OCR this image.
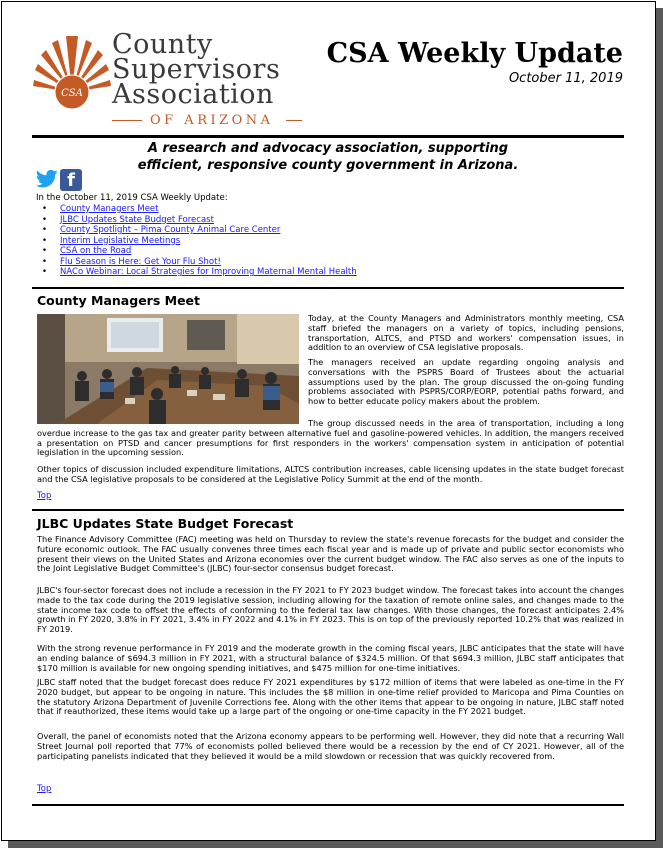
CSA
County
Supervisors
Association
OF ARIZONA
CSA Weekly Update
October 11, 2019
A research and advocacy association, supporting
efficient, responsive county government in Arizona.
f
In the October 11, 2019 CSA Weekly Update:
• County Managers Meet
• JLBC Updates State Budget Forecast
• County Spotlight – Pima County Animal Care Center
• Interim Legislative Meetings
• CSA on the Road
• Flu Season is Here: Get Your Flu Shot!
• NACo Webinar: Local Strategies for Improving Maternal Mental Health
County Managers Meet
Today, at the County Managers and Administrators monthly meeting, CSA staff briefed the managers on a variety of topics, including pensions, transportation, ALTCS, and PTSD and workers' compensation issues, in addition to an overview of CSA legislative proposals.
The managers received an update regarding ongoing analysis and conversations with the PSPRS Board of Trustees about the actuarial assumptions used by the plan. The group discussed the on-going funding problems associated with PSPRS/CORP/EORP, potential paths forward, and how to better educate policy makers about the problem.
The group discussed needs in the area of transportation, including a long overdue increase to the gas tax and greater parity between alternative fuel and gasoline-powered vehicles. In addition, the mangers received a presentation on PTSD and cancer presumptions for first responders in the workers' compensation system in anticipation of potential legislation in the upcoming session.
Other topics of discussion included expenditure limitations, ALTCS contribution increases, cable licensing updates in the state budget forecast and the CSA legislative proposals to be considered at the Legislative Policy Summit at the end of the month.
Top
JLBC Updates State Budget Forecast
The Finance Advisory Committee (FAC) meeting was held on Thursday to review the state's revenue forecasts for the budget and consider the future economic outlook. The FAC usually convenes three times each fiscal year and is made up of private and public sector economists who present their views on the United States and Arizona economies over the current budget window. The FAC also serves as one of the inputs to the Joint Legislative Budget Committee's (JLBC) four-sector consensus budget forecast.
JLBC's four-sector forecast does not include a recession in the FY 2021 to FY 2023 budget window. The forecast takes into account the changes made to the tax code during the 2019 legislative session, including allowing for the taxation of remote online sales, and changes made to the state income tax code to offset the effects of conforming to the federal tax law changes. With those changes, the forecast anticipates 2.4% growth in FY 2020, 3.8% in FY 2021, 3.4% in FY 2022 and 4.1% in FY 2023. This is on top of the previously reported 10.2% that was realized in FY 2019.
With the strong revenue performance in FY 2019 and the moderate growth in the coming fiscal years, JLBC anticipates that the state will have an ending balance of $694.3 million in FY 2021, with a structural balance of $324.5 million. Of that $694.3 million, JLBC staff anticipates that $170 million is available for new ongoing spending initiatives, and $475 million for one-time initiatives.
JLBC staff noted that the budget forecast does reduce FY 2021 expenditures by $172 million of items that were labeled as one-time in the FY 2020 budget, but appear to be ongoing in nature. This includes the $8 million in one-time relief provided to Maricopa and Pima Counties on the statutory Arizona Department of Juvenile Corrections fee. Along with the other items that appear to be ongoing in nature, JLBC staff noted that if reauthorized, these items would take up a large part of the ongoing or one-time capacity in the FY 2021 budget.
Overall, the panel of economists noted that the Arizona economy appears to be performing well. However, they did note that a recurring Wall Street Journal poll reported that 77% of economists polled believed there would be a recession by the end of CY 2021. However, all of the participating panelists indicated that they believed it would be a mild slowdown or recession that was quickly recovered from.
Top
